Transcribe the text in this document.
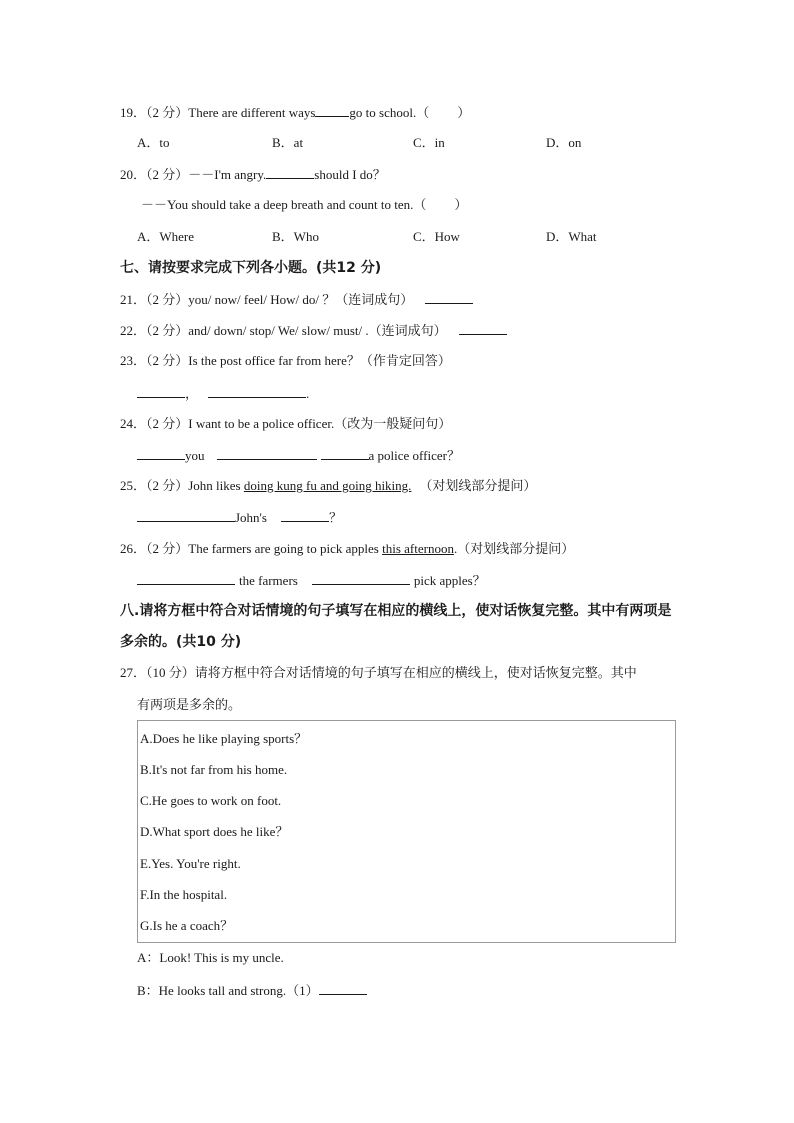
19．（2 分）There are different ways	go to school.（ ）
A．to	B．at	C．in	D．on
20．（2 分）－－I'm angry.	should I do？
－－You should take a deep breath and count to ten.（ ）
A．Where	B．Who	C．How	D．What
七、请按要求完成下列各小题。(共12 分)
21．（2 分）you/ now/ feel/ How/ do/ ？（连词成句）
22．（2 分）and/ down/ stop/ We/ slow/ must/ .（连词成句）
23．（2 分）Is the post office far from here？（作肯定回答）
，	.
24．（2 分）I want to be a police officer.（改为一般疑问句）
you	a police officer？
25．（2 分）John likes doing kung fu and going hiking. （对划线部分提问）
John's	？
26．（2 分）The farmers are going to pick apples this afternoon.（对划线部分提问）
the farmers	pick apples？
八.请将方框中符合对话情境的句子填写在相应的横线上，使对话恢复完整。其中有两项是
多余的。(共10 分)
27．（10 分）请将方框中符合对话情境的句子填写在相应的横线上，使对话恢复完整。其中
有两项是多余的。
A.Does he like playing sports？
B.It's not far from his home.
C.He goes to work on foot.
D.What sport does he like？
E.Yes. You're right.
F.In the hospital.
G.Is he a coach？
A：Look! This is my uncle.
B：He looks tall and strong.（1）
